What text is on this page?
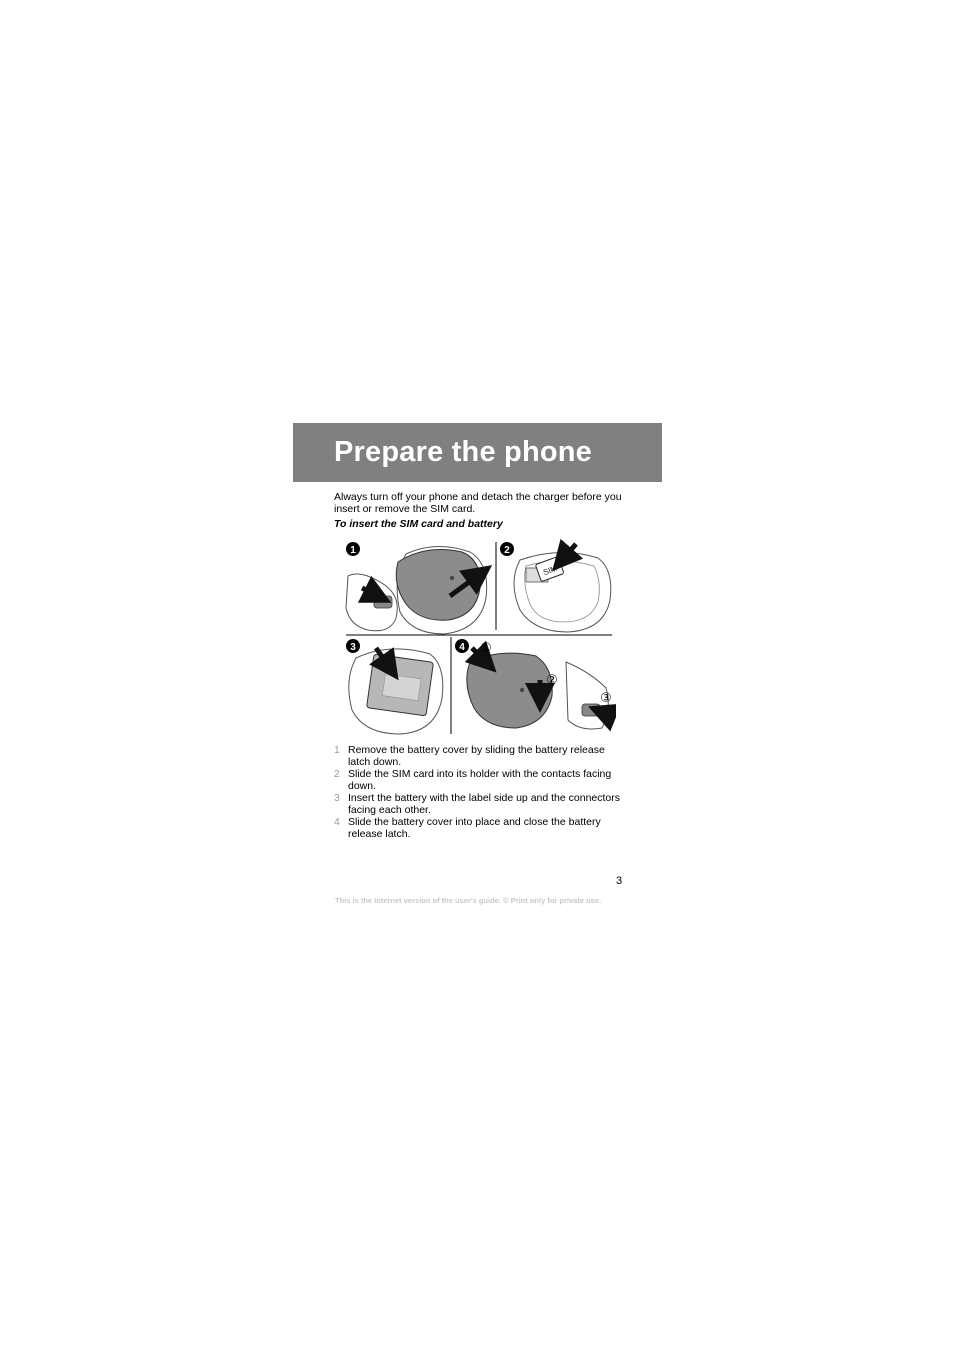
Prepare the phone

Always turn off your phone and detach the charger before you insert or remove the SIM card.

To insert the SIM card and battery

1	2
SIM
3	4 ①
②
③
1 Remove the battery cover by sliding the battery release latch down.
2 Slide the SIM card into its holder with the contacts facing down.
3 Insert the battery with the label side up and the connectors facing each other.
4 Slide the battery cover into place and close the battery release latch.
3
This is the Internet version of the user's guide. © Print only for private use.
